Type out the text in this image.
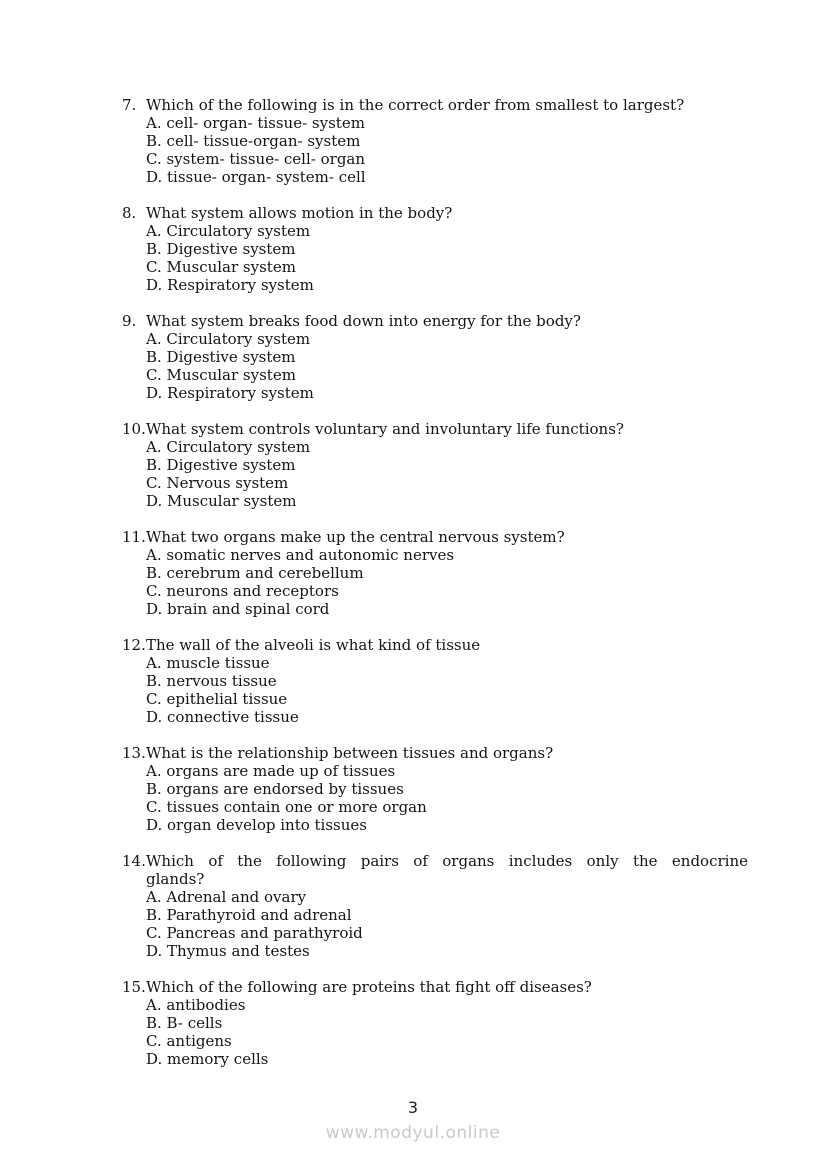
7. Which of the following is in the correct order from smallest to largest?
A. cell- organ- tissue- system
B. cell- tissue-organ- system
C. system- tissue- cell- organ
D. tissue- organ- system- cell
8. What system allows motion in the body?
A. Circulatory system
B. Digestive system
C. Muscular system
D. Respiratory system
9. What system breaks food down into energy for the body?
A. Circulatory system
B. Digestive system
C. Muscular system
D. Respiratory system
10. What system controls voluntary and involuntary life functions?
A. Circulatory system
B. Digestive system
C. Nervous system
D. Muscular system
11. What two organs make up the central nervous system?
A. somatic nerves and autonomic nerves
B. cerebrum and cerebellum
C. neurons and receptors
D. brain and spinal cord
12. The wall of the alveoli is what kind of tissue
A. muscle tissue
B. nervous tissue
C. epithelial tissue
D. connective tissue
13. What is the relationship between tissues and organs?
A. organs are made up of tissues
B. organs are endorsed by tissues
C. tissues contain one or more organ
D. organ develop into tissues
14. Which of the following pairs of organs includes only the endocrine
glands?
A. Adrenal and ovary
B. Parathyroid and adrenal
C. Pancreas and parathyroid
D. Thymus and testes
15. Which of the following are proteins that fight off diseases?
A. antibodies
B. B- cells
C. antigens
D. memory cells
3
www.modyul.online
